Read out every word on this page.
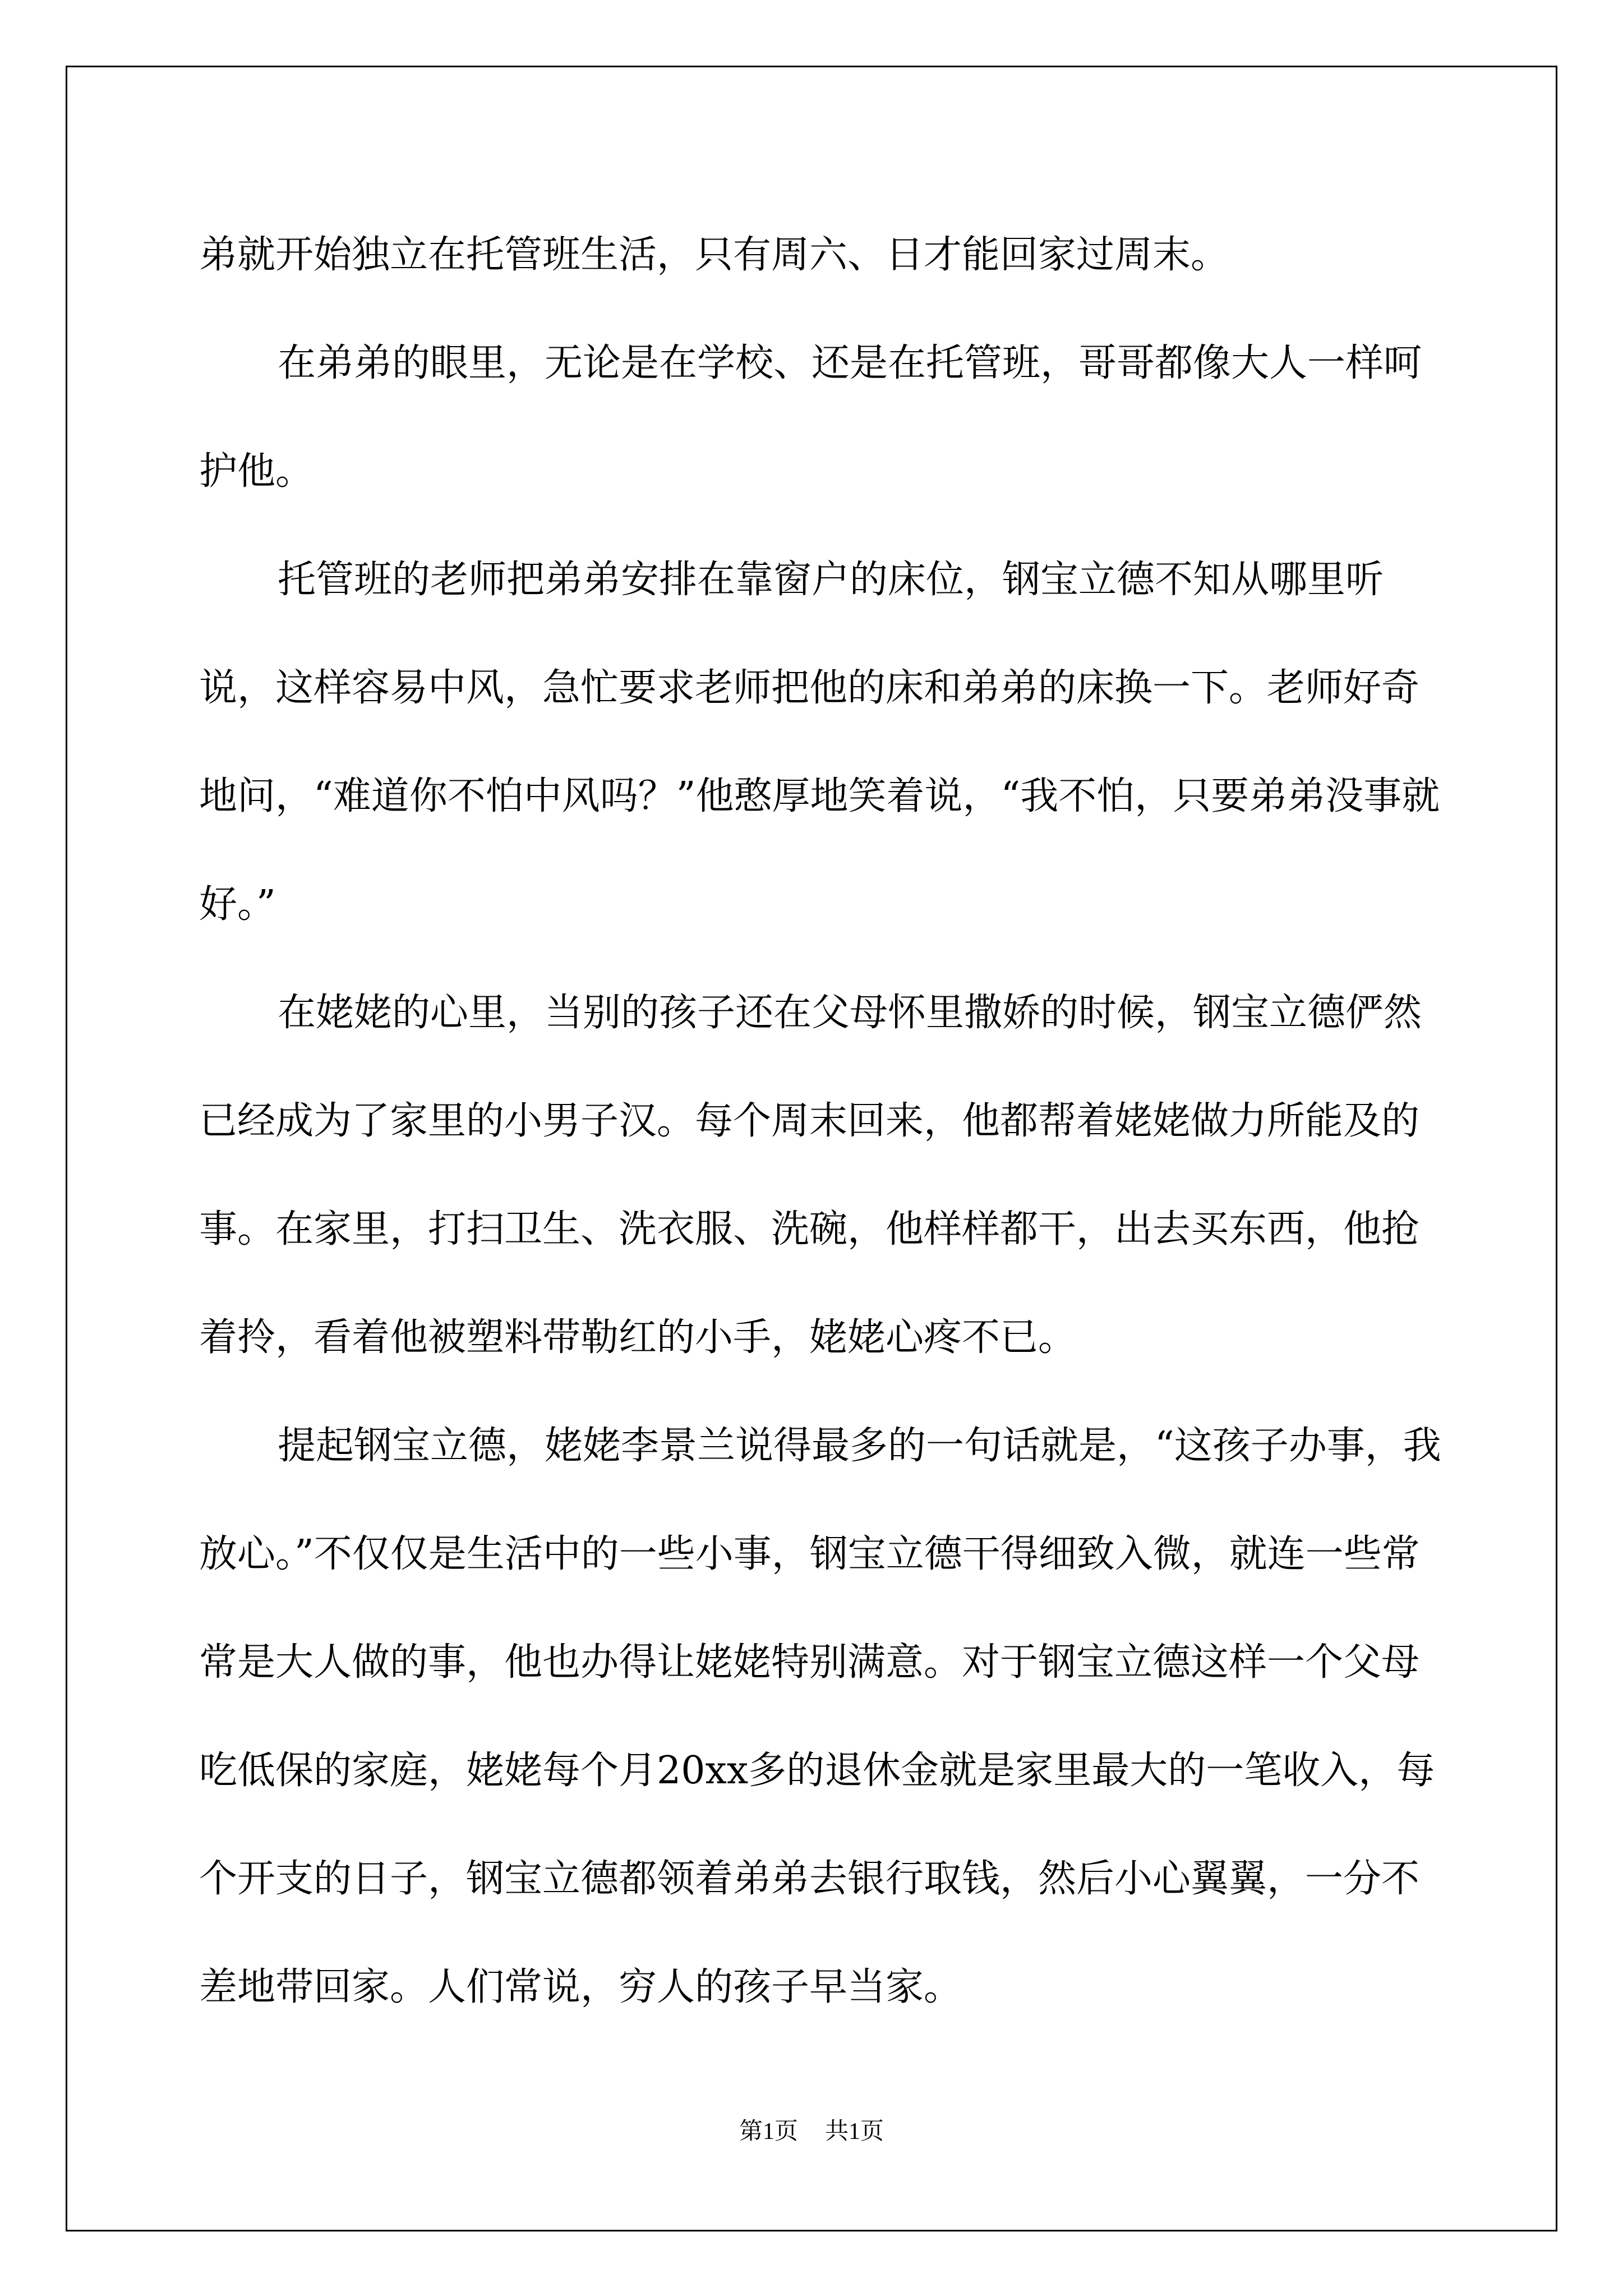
弟就开始独立在托管班生活，只有周六、日才能回家过周末。

在弟弟的眼里，无论是在学校、还是在托管班，哥哥都像大人一样呵护他。

托管班的老师把弟弟安排在靠窗户的床位，钢宝立德不知从哪里听说，这样容易中风，急忙要求老师把他的床和弟弟的床换一下。老师好奇地问，“难道你不怕中风吗？”他憨厚地笑着说，“我不怕，只要弟弟没事就好。”

在姥姥的心里，当别的孩子还在父母怀里撒娇的时候，钢宝立德俨然已经成为了家里的小男子汉。每个周末回来，他都帮着姥姥做力所能及的事。在家里，打扫卫生、洗衣服、洗碗，他样样都干，出去买东西，他抢着拎，看着他被塑料带勒红的小手，姥姥心疼不已。

提起钢宝立德，姥姥李景兰说得最多的一句话就是，“这孩子办事，我放心。”不仅仅是生活中的一些小事，钢宝立德干得细致入微，就连一些常常是大人做的事，他也办得让姥姥特别满意。对于钢宝立德这样一个父母吃低保的家庭，姥姥每个月20xx多的退休金就是家里最大的一笔收入，每个开支的日子，钢宝立德都领着弟弟去银行取钱，然后小心翼翼，一分不差地带回家。人们常说，穷人的孩子早当家。

第1页 共1页
